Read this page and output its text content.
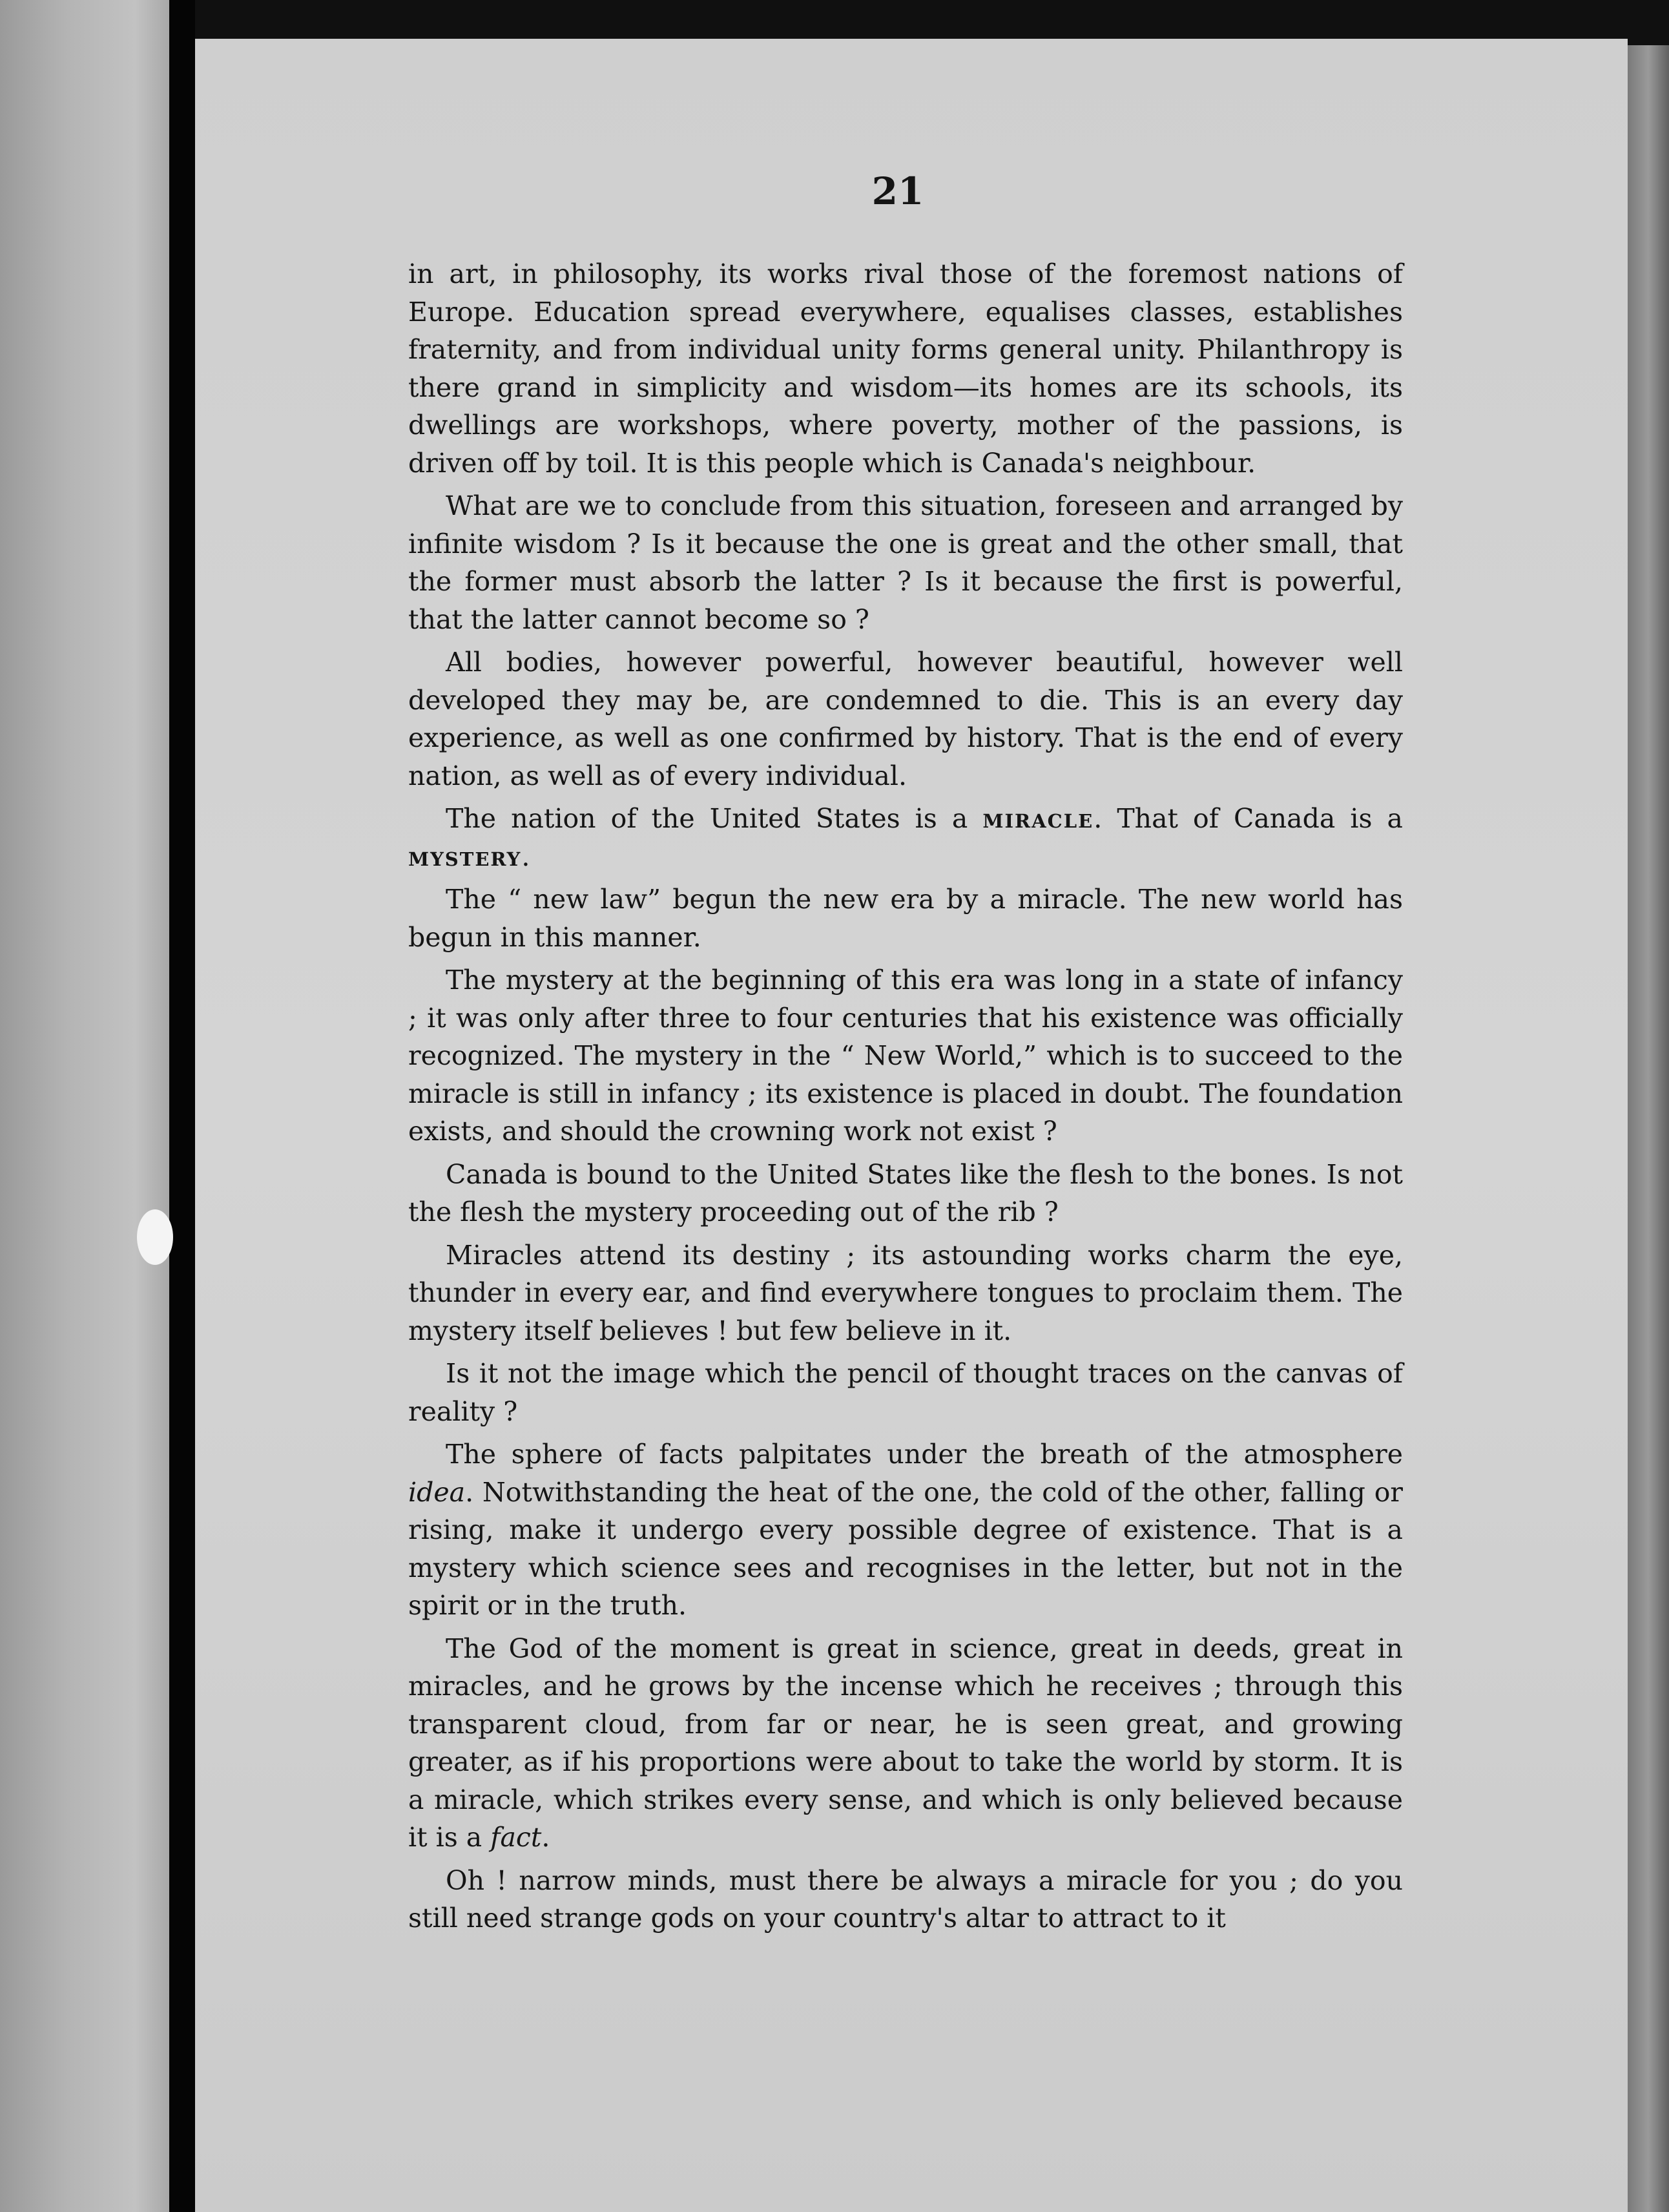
21

in art, in philosophy, its works rival those of the foremost nations of Europe. Education spread everywhere, equalises classes, establishes fraternity, and from individual unity forms general unity. Philanthropy is there grand in simplicity and wisdom—its homes are its schools, its dwellings are workshops, where poverty, mother of the passions, is driven off by toil. It is this people which is Canada's neighbour.

What are we to conclude from this situation, foreseen and arranged by infinite wisdom ? Is it because the one is great and the other small, that the former must absorb the latter ? Is it because the first is powerful, that the latter cannot become so ?

All bodies, however powerful, however beautiful, however well developed they may be, are condemned to die. This is an every day experience, as well as one confirmed by history. That is the end of every nation, as well as of every individual.

The nation of the United States is a miracle. That of Canada is a mystery.

The “ new law” begun the new era by a miracle. The new world has begun in this manner.

The mystery at the beginning of this era was long in a state of infancy ; it was only after three to four centuries that his existence was officially recognized. The mystery in the “ New World,” which is to succeed to the miracle is still in infancy ; its existence is placed in doubt. The foundation exists, and should the crowning work not exist ?

Canada is bound to the United States like the flesh to the bones. Is not the flesh the mystery proceeding out of the rib ?

Miracles attend its destiny ; its astounding works charm the eye, thunder in every ear, and find everywhere tongues to proclaim them. The mystery itself believes ! but few believe in it.

Is it not the image which the pencil of thought traces on the canvas of reality ?

The sphere of facts palpitates under the breath of the atmosphere idea. Notwithstanding the heat of the one, the cold of the other, falling or rising, make it undergo every possible degree of existence. That is a mystery which science sees and recognises in the letter, but not in the spirit or in the truth.

The God of the moment is great in science, great in deeds, great in miracles, and he grows by the incense which he receives ; through this transparent cloud, from far or near, he is seen great, and growing greater, as if his proportions were about to take the world by storm. It is a miracle, which strikes every sense, and which is only believed because it is a fact.

Oh ! narrow minds, must there be always a miracle for you ; do you still need strange gods on your country's altar to attract to it
